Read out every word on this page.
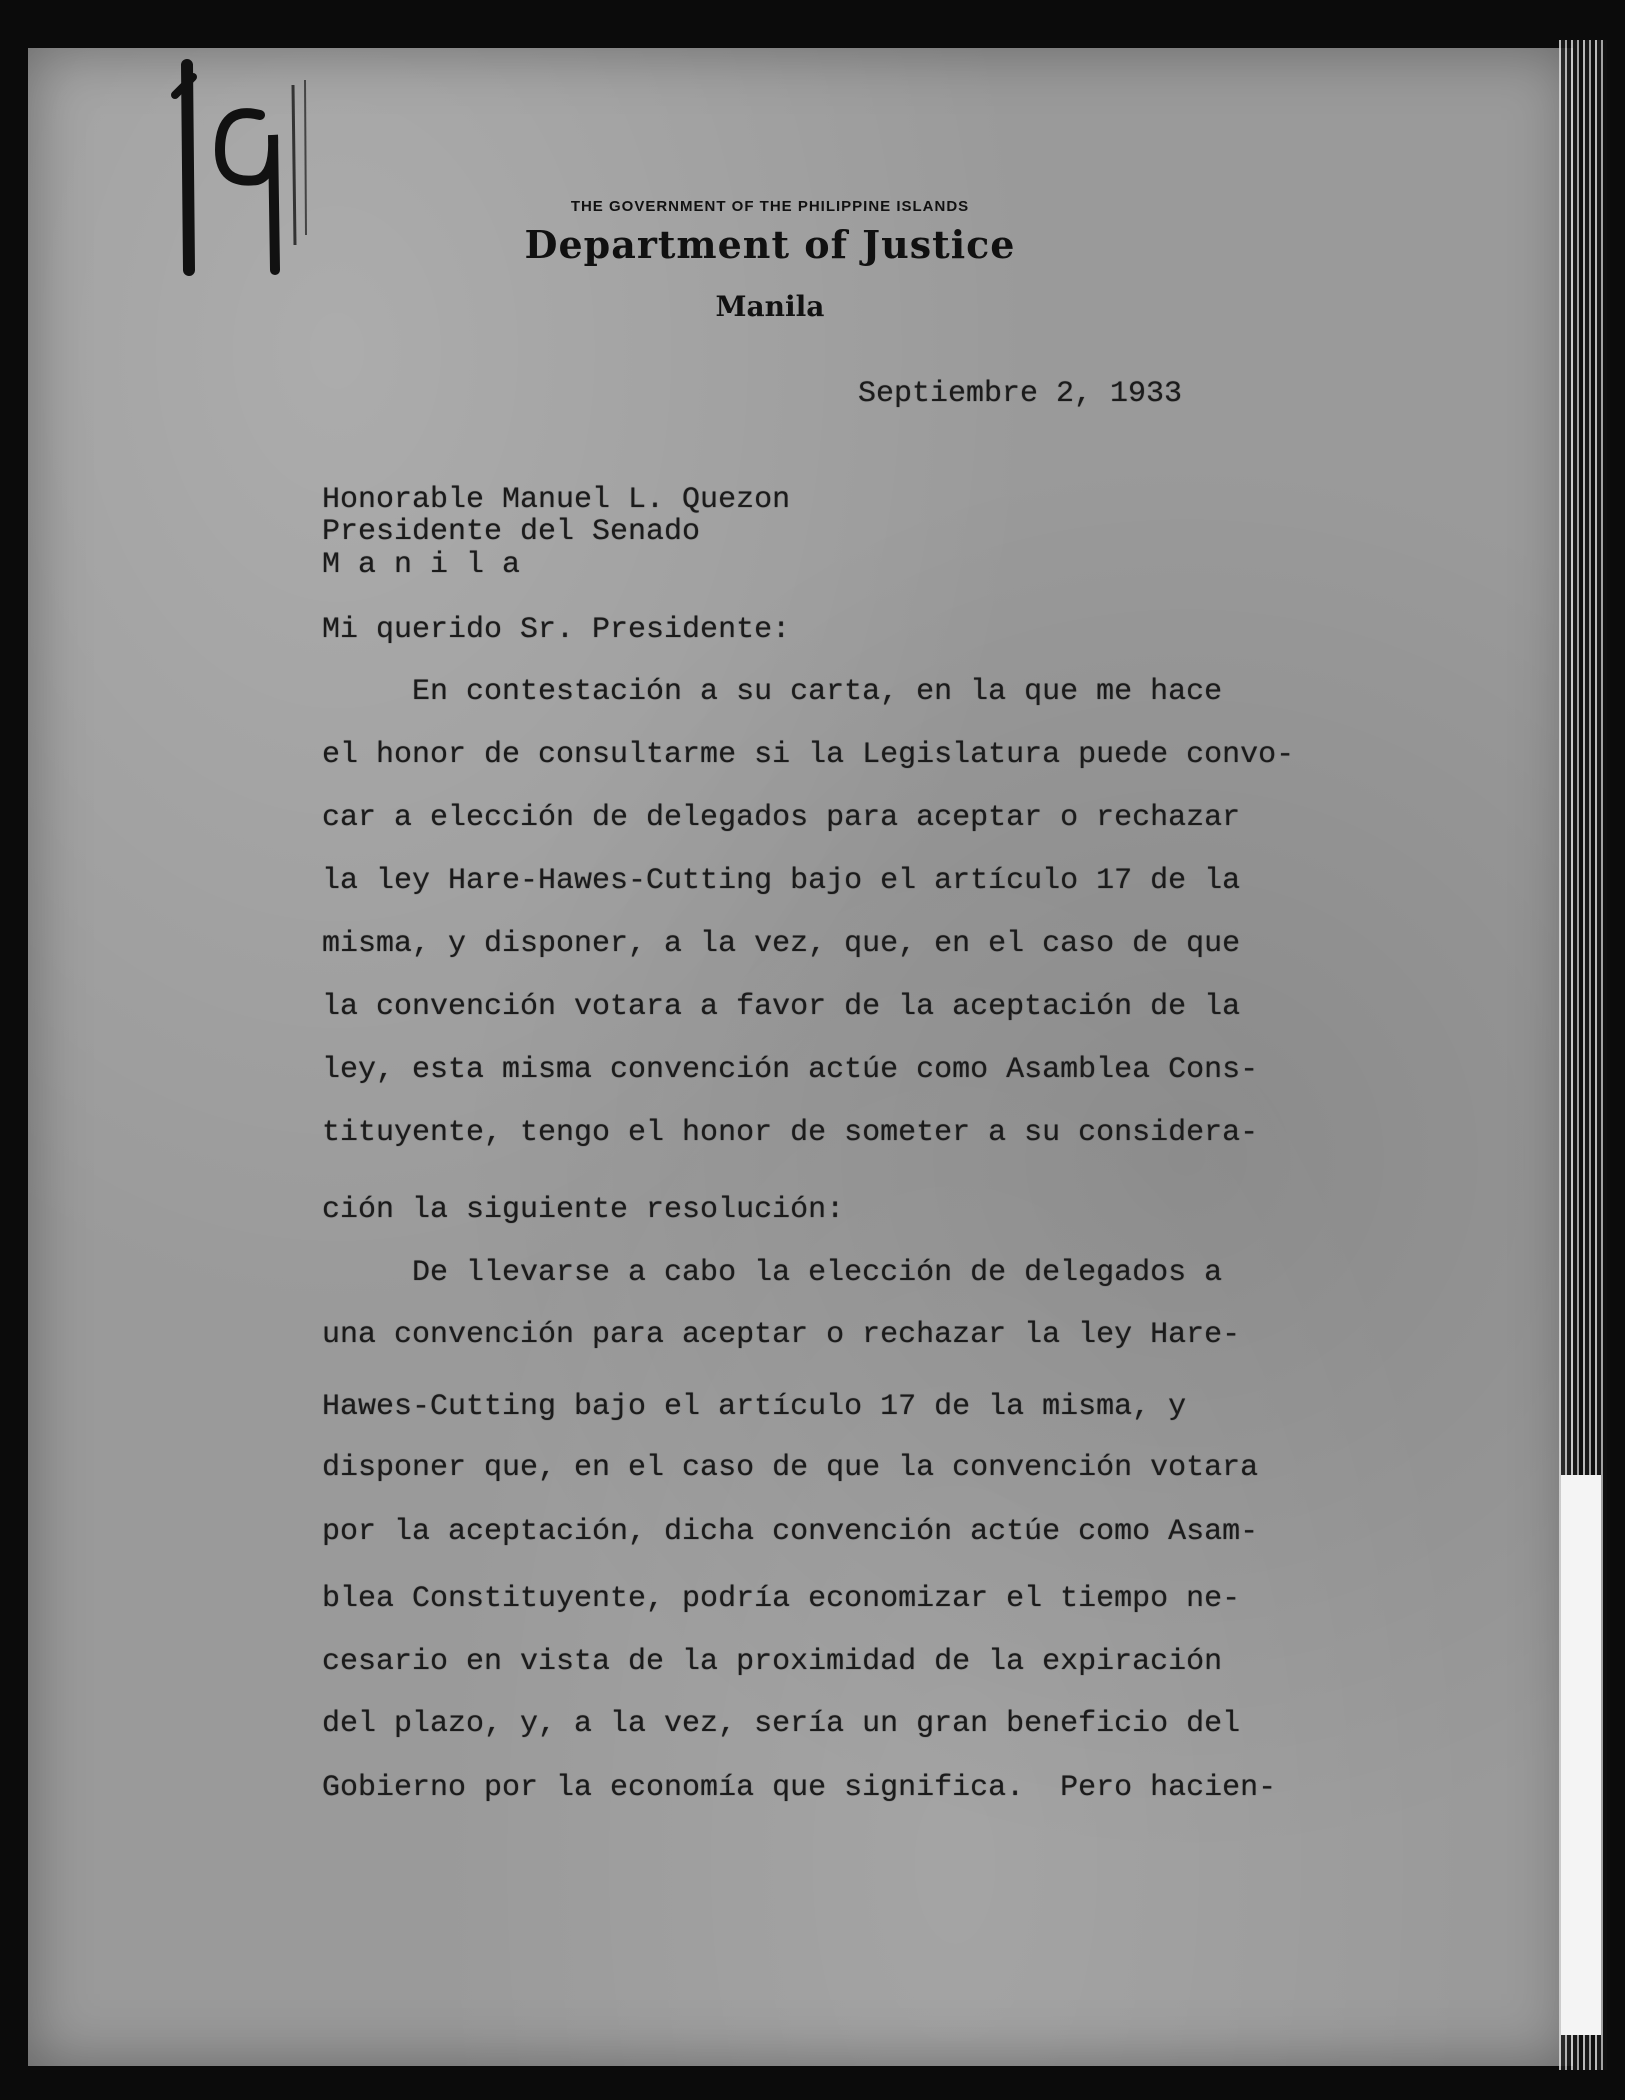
THE GOVERNMENT OF THE PHILIPPINE ISLANDS
Department of Justice
Manila
Septiembre 2, 1933
Honorable Manuel L. Quezon
Presidente del Senado
M a n i l a
Mi querido Sr. Presidente:
En contestación a su carta, en la que me hace
el honor de consultarme si la Legislatura puede convo-
car a elección de delegados para aceptar o rechazar
la ley Hare-Hawes-Cutting bajo el artículo 17 de la
misma, y disponer, a la vez, que, en el caso de que
la convención votara a favor de la aceptación de la
ley, esta misma convención actúe como Asamblea Cons-
tituyente, tengo el honor de someter a su considera-
ción la siguiente resolución:
De llevarse a cabo la elección de delegados a
una convención para aceptar o rechazar la ley Hare-
Hawes-Cutting bajo el artículo 17 de la misma, y
disponer que, en el caso de que la convención votara
por la aceptación, dicha convención actúe como Asam-
blea Constituyente, podría economizar el tiempo ne-
cesario en vista de la proximidad de la expiración
del plazo, y, a la vez, sería un gran beneficio del
Gobierno por la economía que significa.  Pero hacien-
